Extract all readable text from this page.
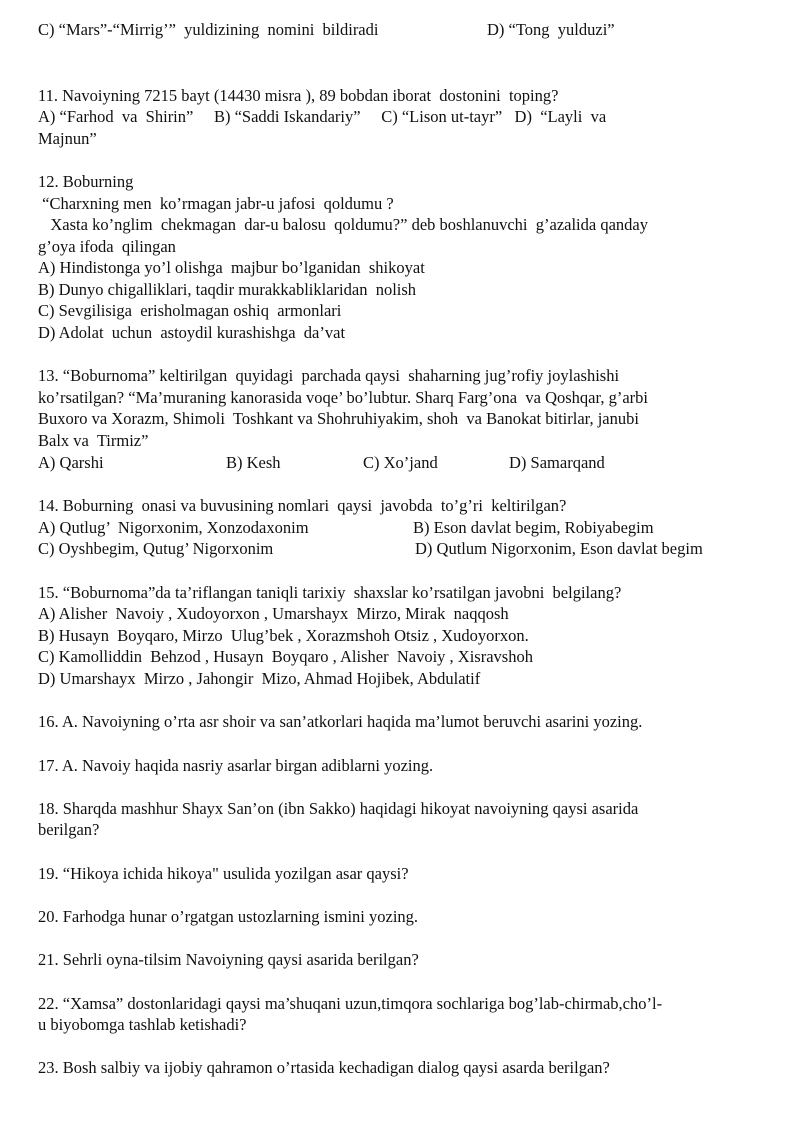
C) “Mars”-“Mirrig’”  yuldizining  nomini  bildiradi	D) “Tong  yulduzi”
11. Navoiyning 7215 bayt (14430 misra ), 89 bobdan iborat  dostonini  toping?
A) “Farhod  va  Shirin”     B) “Saddi Iskandariy”     C) “Lison ut-tayr”   D)  “Layli  va
Majnun”
12. Boburning
“Charxning men  ko’rmagan jabr-u jafosi  qoldumu ?
Xasta ko’nglim  chekmagan  dar-u balosu  qoldumu?” deb boshlanuvchi  g’azalida qanday
g’oya ifoda  qilingan
A) Hindistonga yo’l olishga  majbur bo’lganidan  shikoyat
B) Dunyo chigalliklari, taqdir murakkabliklaridan  nolish
C) Sevgilisiga  erisholmagan oshiq  armonlari
D) Adolat  uchun  astoydil kurashishga  da’vat
13. “Boburnoma” keltirilgan  quyidagi  parchada qaysi  shaharning jug’rofiy joylashishi
ko’rsatilgan? “Ma’muraning kanorasida voqe’ bo’lubtur. Sharq Farg’ona  va Qoshqar, g’arbi
Buxoro va Xorazm, Shimoli  Toshkant va Shohruhiyakim, shoh  va Banokat bitirlar, janubi
Balx va  Tirmiz”
A) Qarshi	B) Kesh	C) Xo’jand	D) Samarqand
14. Boburning  onasi va buvusining nomlari  qaysi  javobda  to’g’ri  keltirilgan?
A) Qutlug’  Nigorxonim, Xonzodaxonim	B) Eson davlat begim, Robiyabegim
C) Oyshbegim, Qutug’ Nigorxonim	D) Qutlum Nigorxonim, Eson davlat begim
15. “Boburnoma”da ta’riflangan taniqli tarixiy  shaxslar ko’rsatilgan javobni  belgilang?
A) Alisher  Navoiy , Xudoyorxon , Umarshayx  Mirzo, Mirak  naqqosh
B) Husayn  Boyqaro, Mirzo  Ulug’bek , Xorazmshoh Otsiz , Xudoyorxon.
C) Kamolliddin  Behzod , Husayn  Boyqaro , Alisher  Navoiy , Xisravshoh
D) Umarshayx  Mirzo , Jahongir  Mizo, Ahmad Hojibek, Abdulatif
16. A. Navoiyning o’rta asr shoir va san’atkorlari haqida ma’lumot beruvchi asarini yozing.
17. A. Navoiy haqida nasriy asarlar birgan adiblarni yozing.
18. Sharqda mashhur Shayx San’on (ibn Sakko) haqidagi hikoyat navoiyning qaysi asarida
berilgan?
19. “Hikoya ichida hikoya" usulida yozilgan asar qaysi?
20. Farhodga hunar o’rgatgan ustozlarning ismini yozing.
21. Sehrli oyna-tilsim Navoiyning qaysi asarida berilgan?
22. “Xamsa” dostonlaridagi qaysi ma’shuqani uzun,timqora sochlariga bog’lab-chirmab,cho’l-
u biyobomga tashlab ketishadi?
23. Bosh salbiy va ijobiy qahramon o’rtasida kechadigan dialog qaysi asarda berilgan?
